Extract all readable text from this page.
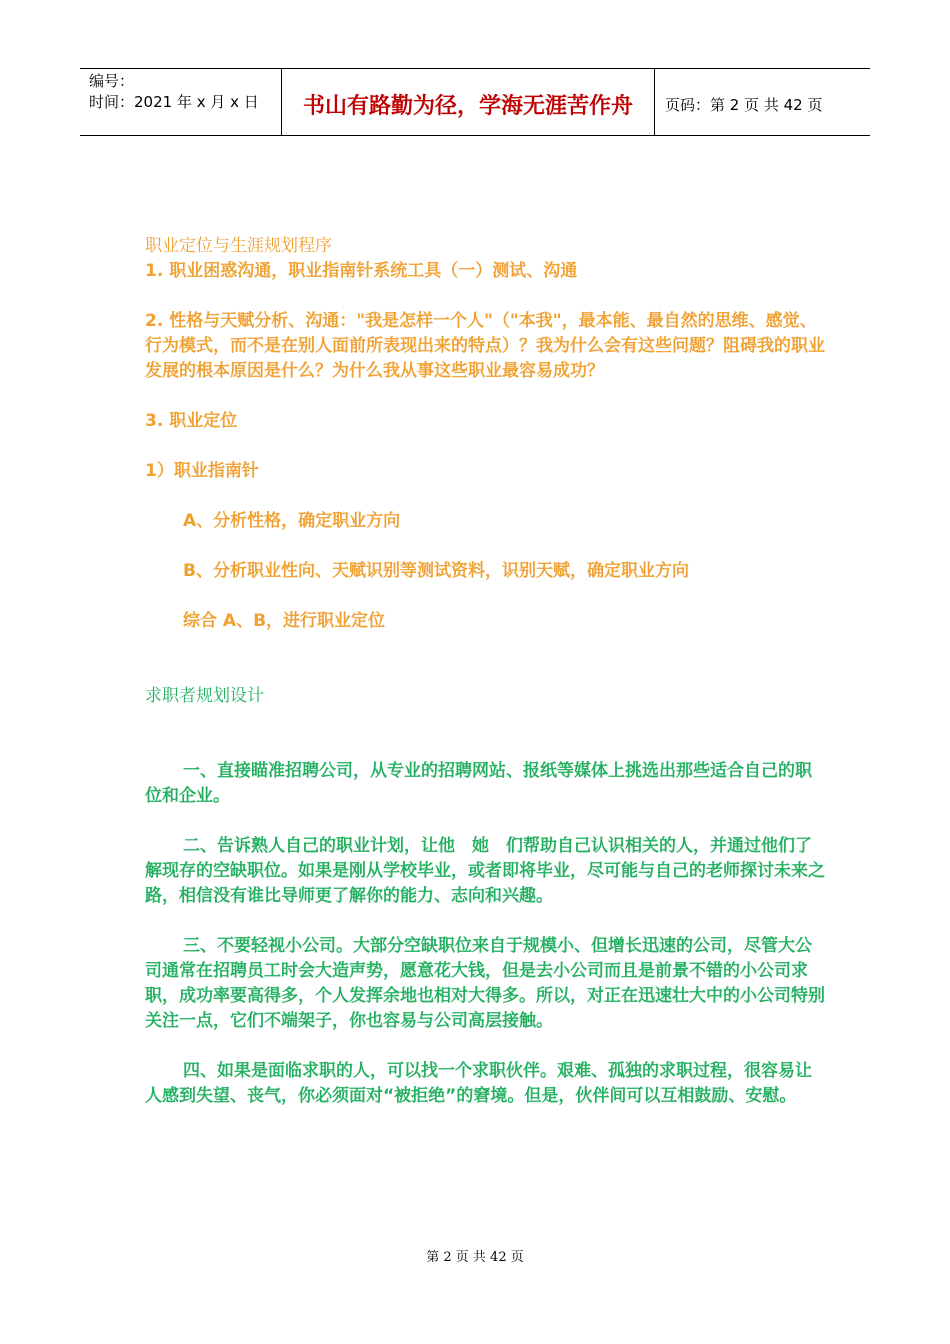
编号：
时间：2021 年 x 月 x 日	书山有路勤为径，学海无涯苦作舟	页码：第 2 页 共 42 页

职业定位与生涯规划程序

1. 职业困惑沟通，职业指南针系统工具（一）测试、沟通

2. 性格与天赋分析、沟通："我是怎样一个人"（"本我"，最本能、最自然的思维、感觉、行为模式，而不是在别人面前所表现出来的特点）？我为什么会有这些问题？阻碍我的职业发展的根本原因是什么？为什么我从事这些职业最容易成功？

3. 职业定位

1）职业指南针

A、分析性格，确定职业方向

B、分析职业性向、天赋识别等测试资料，识别天赋，确定职业方向

综合 A、B，进行职业定位

求职者规划设计

一、直接瞄准招聘公司，从专业的招聘网站、报纸等媒体上挑选出那些适合自己的职位和企业。

二、告诉熟人自己的职业计划，让他　她　们帮助自己认识相关的人，并通过他们了解现存的空缺职位。如果是刚从学校毕业，或者即将毕业，尽可能与自己的老师探讨未来之路，相信没有谁比导师更了解你的能力、志向和兴趣。

三、不要轻视小公司。大部分空缺职位来自于规模小、但增长迅速的公司，尽管大公司通常在招聘员工时会大造声势，愿意花大钱，但是去小公司而且是前景不错的小公司求职，成功率要高得多，个人发挥余地也相对大得多。所以，对正在迅速壮大中的小公司特别关注一点，它们不端架子，你也容易与公司高层接触。

四、如果是面临求职的人，可以找一个求职伙伴。艰难、孤独的求职过程，很容易让人感到失望、丧气，你必须面对“被拒绝”的窘境。但是，伙伴间可以互相鼓励、安慰。

第 2 页 共 42 页
